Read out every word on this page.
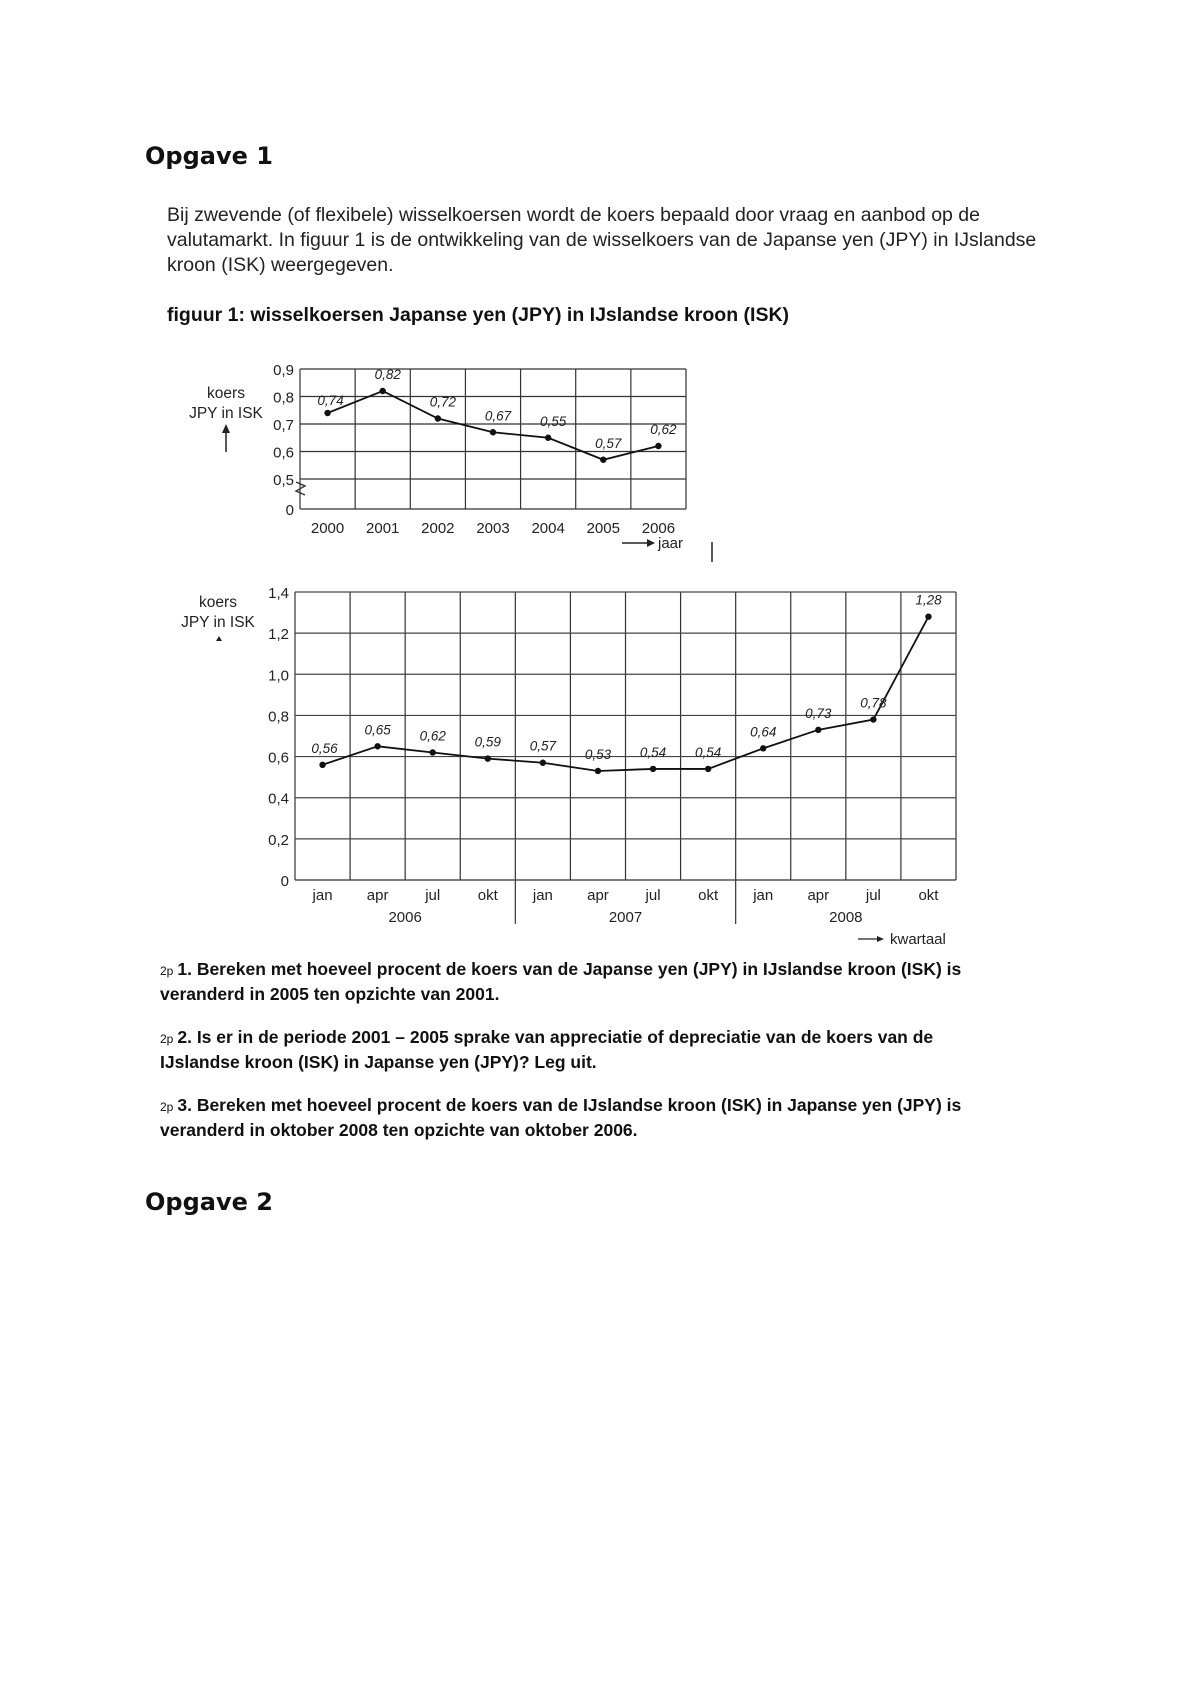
Opgave 1

Bij zwevende (of flexibele) wisselkoersen wordt de koers bepaald door vraag en aanbod op de valutamarkt. In figuur 1 is de ontwikkeling van de wisselkoers van de Japanse yen (JPY) in IJslandse kroon (ISK) weergegeven.

figuur 1: wisselkoersen Japanse yen (JPY) in IJslandse kroon (ISK)

0
0,5
0,6
0,7
0,8
0,9
2000 2001 2002 2003 2004 2005 2006
koers
JPY in ISK
jaar
0,74
0,82
0,72
0,67 0,55
0,57
0,62
0
0,2
0,4
0,6
0,8
1,0
1,2
1,4
jan apr jul	okt jan apr jul	okt jan apr jul	okt
2006	2007	2008
koers
JPY in ISK
kwartaal
0,56
0,65 0,62 0,59 0,57
0,53 0,54 0,54
0,64
0,73
0,78
1,28

2p 1. Bereken met hoeveel procent de koers van de Japanse yen (JPY) in IJslandse kroon (ISK) is veranderd in 2005 ten opzichte van 2001.

2p 2. Is er in de periode 2001 – 2005 sprake van appreciatie of depreciatie van de koers van de IJslandse kroon (ISK) in Japanse yen (JPY)? Leg uit.

2p 3. Bereken met hoeveel procent de koers van de IJslandse kroon (ISK) in Japanse yen (JPY) is veranderd in oktober 2008 ten opzichte van oktober 2006.

Opgave 2
